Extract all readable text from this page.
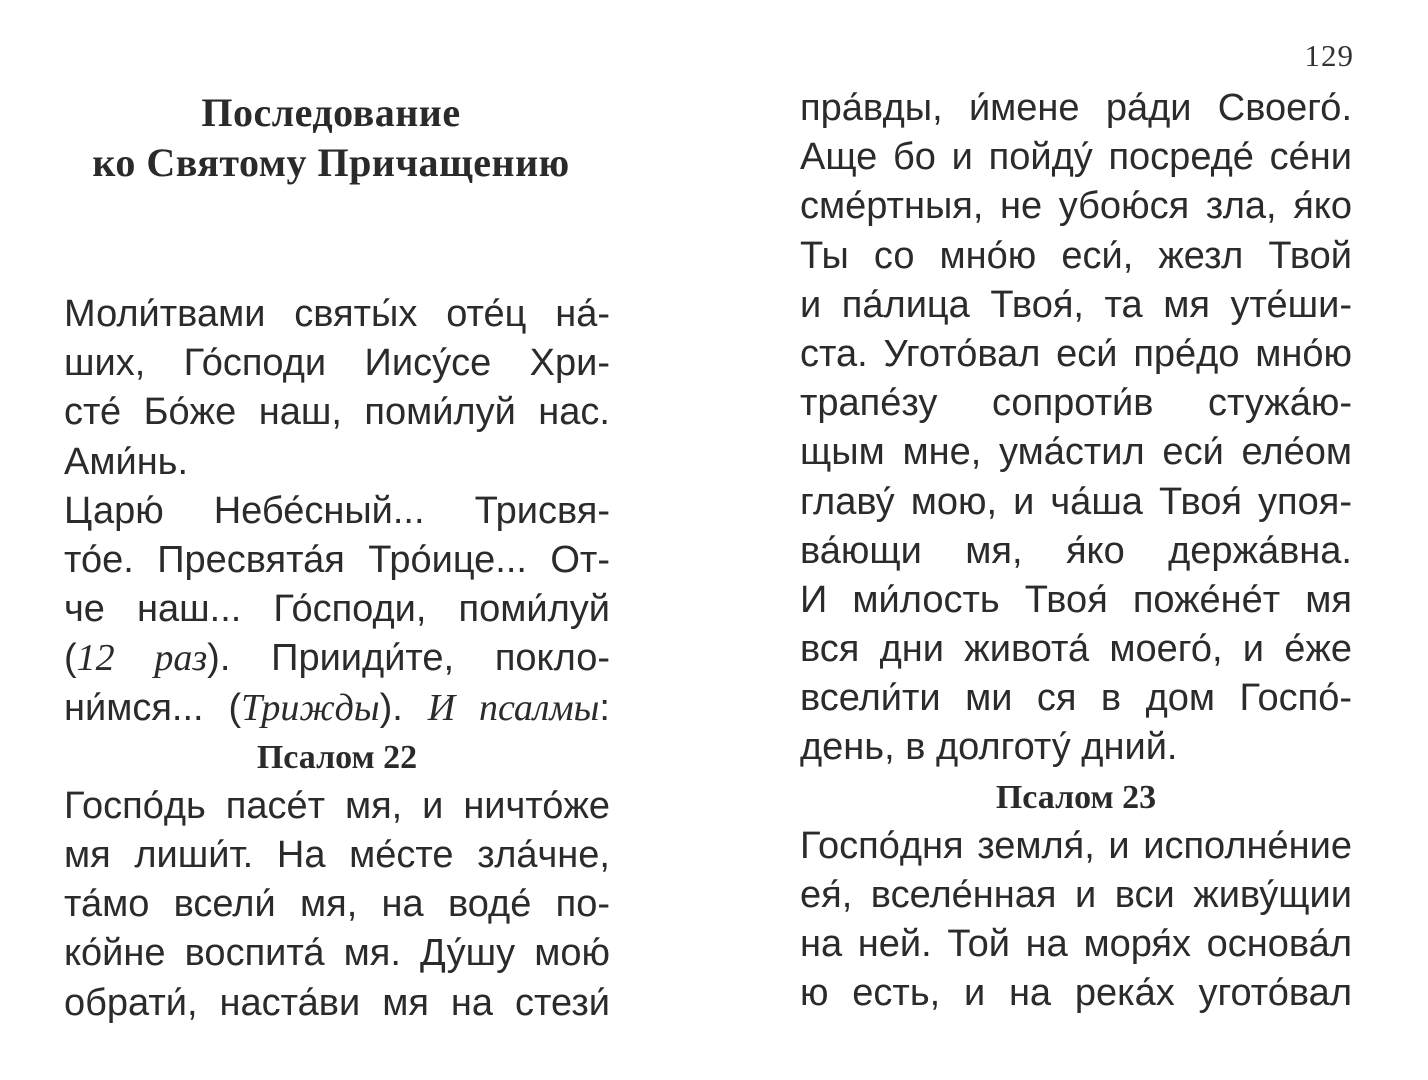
129
Последование
ко Святому Причащению
Моли́твами святы́х оте́ц на́-
ших, Го́споди Иису́се Хри-
сте́ Бо́же наш, поми́луй нас.
Ами́нь.
Царю́ Небе́сный... Трисвя-
то́е. Пресвята́я Тро́ице... От-
че наш... Го́споди, поми́луй
(12 раз). Прииди́те, покло-
ни́мся... (Трижды). И псалмы:
Псалом 22
Госпо́дь пасе́т мя, и ничто́же
мя лиши́т. На ме́сте зла́чне,
та́мо всели́ мя, на воде́ по-
ко́йне воспита́ мя. Ду́шу мою́
обрати́, наста́ви мя на стези́
пра́вды, и́мене ра́ди Своего́.
Аще бо и пойду́ посреде́ се́ни
сме́ртныя, не убою́ся зла, я́ко
Ты со мно́ю еси́, жезл Твой
и па́лица Твоя́, та мя уте́ши-
ста. Угото́вал еси́ пре́до мно́ю
трапе́зу сопроти́в стужа́ю-
щым мне, ума́стил еси́ еле́ом
главу́ мою, и ча́ша Твоя́ упоя-
ва́ющи мя, я́ко держа́вна.
И ми́лость Твоя́ поже́не́т мя
вся дни живота́ моего́, и е́же
всели́ти ми ся в дом Госпо́-
день, в долготу́ дний.
Псалом 23
Госпо́дня земля́, и исполне́ние
ея́, вселе́нная и вси живу́щии
на ней. Той на моря́х основа́л
ю есть, и на река́х угото́вал
